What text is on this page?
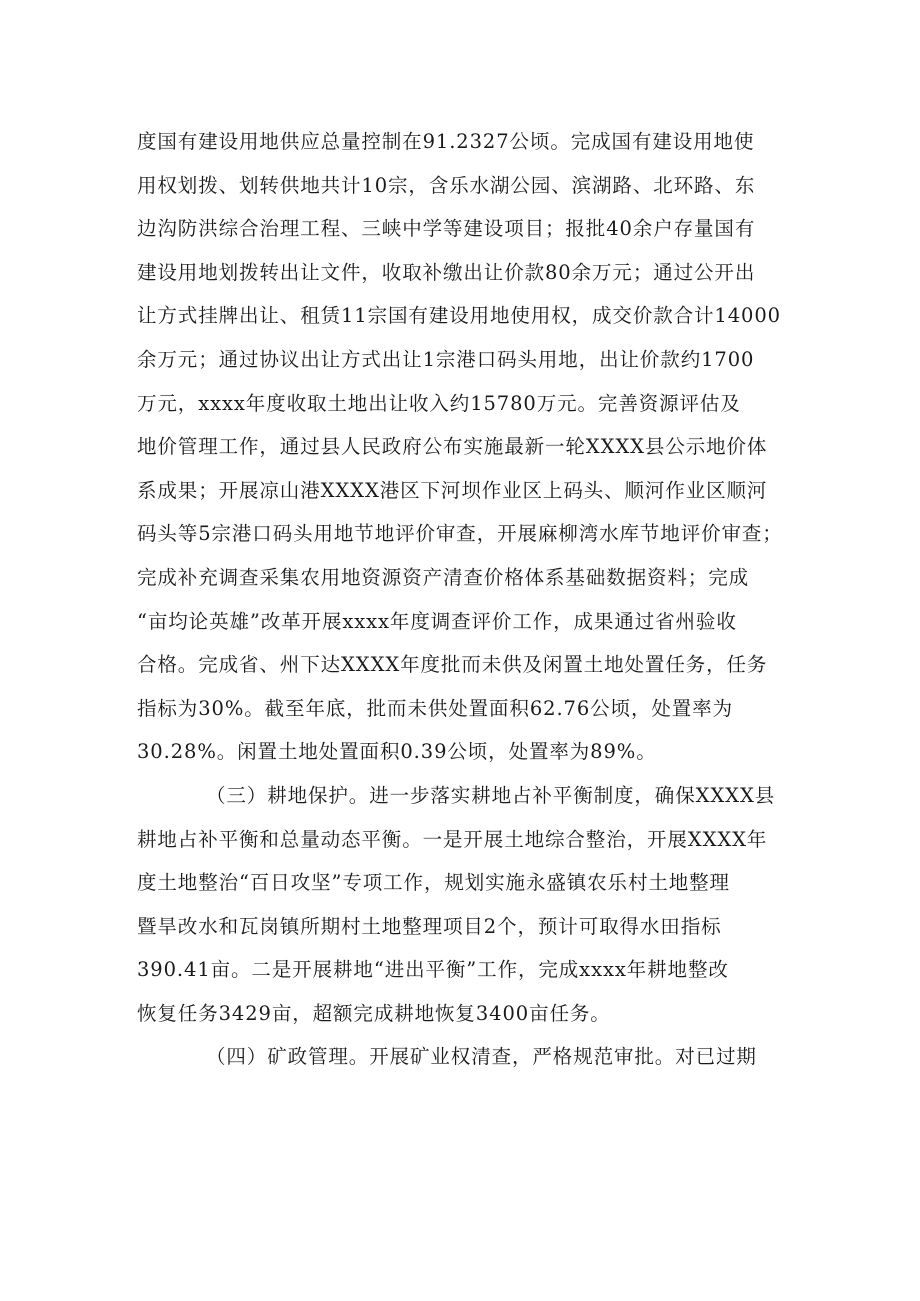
度国有建设用地供应总量控制在91.2327公顷。完成国有建设用地使
用权划拨、划转供地共计10宗，含乐水湖公园、滨湖路、北环路、东
边沟防洪综合治理工程、三峡中学等建设项目；报批40余户存量国有
建设用地划拨转出让文件，收取补缴出让价款80余万元；通过公开出
让方式挂牌出让、租赁11宗国有建设用地使用权，成交价款合计14000
余万元；通过协议出让方式出让1宗港口码头用地，出让价款约1700
万元，xxxx年度收取土地出让收入约15780万元。完善资源评估及
地价管理工作，通过县人民政府公布实施最新一轮XXXX县公示地价体
系成果；开展凉山港XXXX港区下河坝作业区上码头、顺河作业区顺河
码头等5宗港口码头用地节地评价审查，开展麻柳湾水库节地评价审查；
完成补充调查采集农用地资源资产清查价格体系基础数据资料；完成
“亩均论英雄”改革开展xxxx年度调查评价工作，成果通过省州验收
合格。完成省、州下达XXXX年度批而未供及闲置土地处置任务，任务
指标为30%。截至年底，批而未供处置面积62.76公顷，处置率为
30.28%。闲置土地处置面积0.39公顷，处置率为89%。
（三）耕地保护。进一步落实耕地占补平衡制度，确保XXXX县
耕地占补平衡和总量动态平衡。一是开展土地综合整治，开展XXXX年
度土地整治“百日攻坚”专项工作，规划实施永盛镇农乐村土地整理
暨旱改水和瓦岗镇所期村土地整理项目2个，预计可取得水田指标
390.41亩。二是开展耕地“进出平衡”工作，完成xxxx年耕地整改
恢复任务3429亩，超额完成耕地恢复3400亩任务。
（四）矿政管理。开展矿业权清查，严格规范审批。对已过期
